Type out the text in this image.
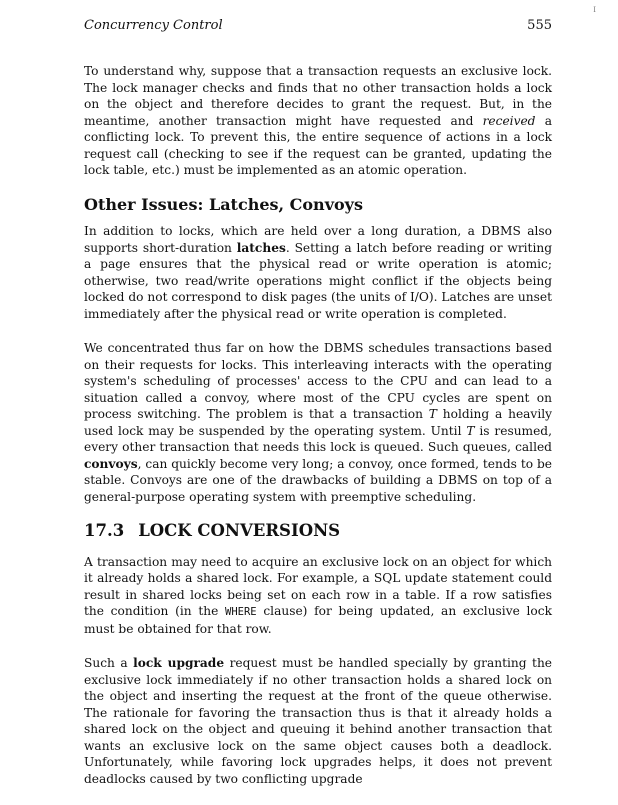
I
Concurrency Control	555

To understand why, suppose that a transaction requests an exclusive lock. The lock manager checks and finds that no other transaction holds a lock on the object and therefore decides to grant the request. But, in the meantime, another transaction might have requested and received a conflicting lock. To prevent this, the entire sequence of actions in a lock request call (checking to see if the request can be granted, updating the lock table, etc.) must be implemented as an atomic operation.

Other Issues: Latches, Convoys

In addition to locks, which are held over a long duration, a DBMS also supports short-duration latches. Setting a latch before reading or writing a page ensures that the physical read or write operation is atomic; otherwise, two read/write operations might conflict if the objects being locked do not correspond to disk pages (the units of I/O). Latches are unset immediately after the physical read or write operation is completed.

We concentrated thus far on how the DBMS schedules transactions based on their requests for locks. This interleaving interacts with the operating system's scheduling of processes' access to the CPU and can lead to a situation called a convoy, where most of the CPU cycles are spent on process switching. The problem is that a transaction T holding a heavily used lock may be suspended by the operating system. Until T is resumed, every other transaction that needs this lock is queued. Such queues, called convoys, can quickly become very long; a convoy, once formed, tends to be stable. Convoys are one of the drawbacks of building a DBMS on top of a general-purpose operating system with preemptive scheduling.

17.3 LOCK CONVERSIONS

A transaction may need to acquire an exclusive lock on an object for which it already holds a shared lock. For example, a SQL update statement could result in shared locks being set on each row in a table. If a row satisfies the condition (in the WHERE clause) for being updated, an exclusive lock must be obtained for that row.

Such a lock upgrade request must be handled specially by granting the exclusive lock immediately if no other transaction holds a shared lock on the object and inserting the request at the front of the queue otherwise. The rationale for favoring the transaction thus is that it already holds a shared lock on the object and queuing it behind another transaction that wants an exclusive lock on the same object causes both a deadlock. Unfortunately, while favoring lock upgrades helps, it does not prevent deadlocks caused by two conflicting upgrade
